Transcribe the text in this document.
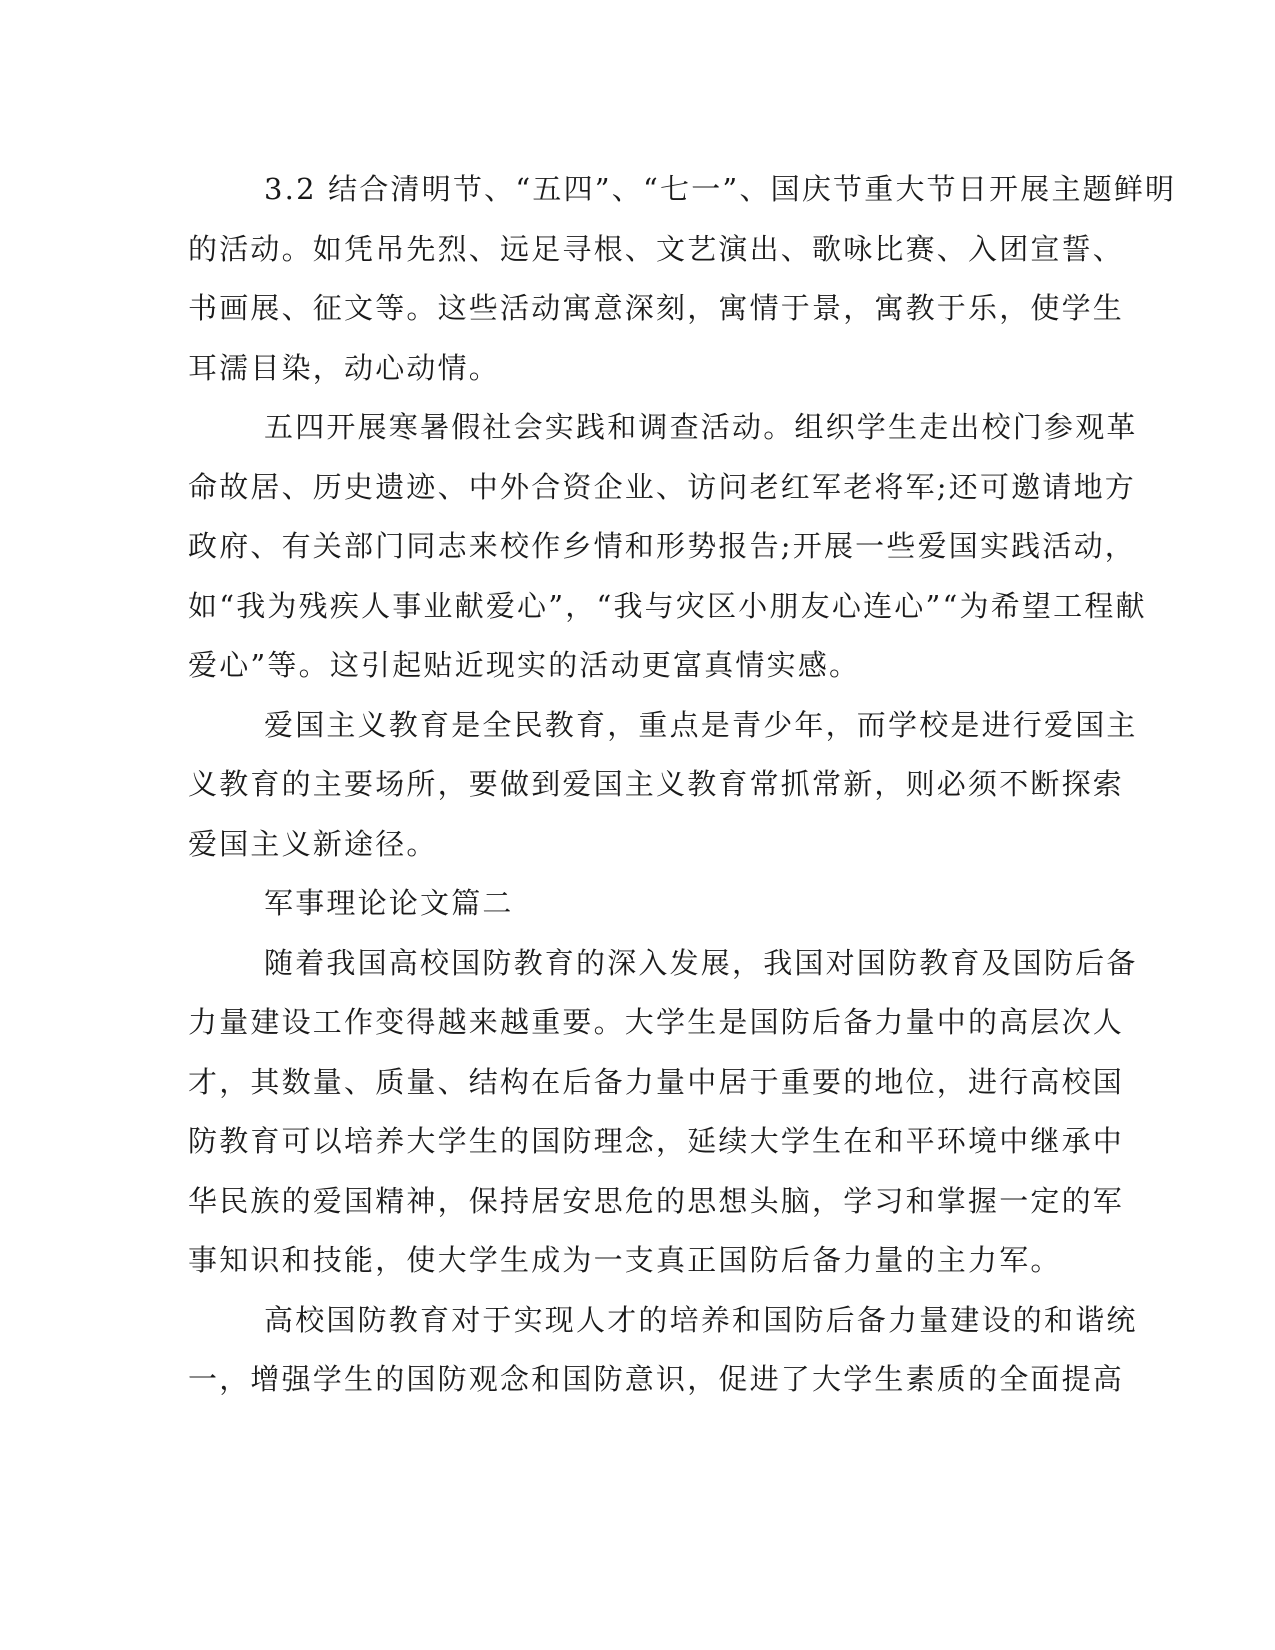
3.2 结合清明节、“五四”、“七一”、国庆节重大节日开展主题鲜明
的活动。如凭吊先烈、远足寻根、文艺演出、歌咏比赛、入团宣誓、
书画展、征文等。这些活动寓意深刻，寓情于景，寓教于乐，使学生
耳濡目染，动心动情。
五四开展寒暑假社会实践和调查活动。组织学生走出校门参观革
命故居、历史遗迹、中外合资企业、访问老红军老将军;还可邀请地方
政府、有关部门同志来校作乡情和形势报告;开展一些爱国实践活动，
如“我为残疾人事业献爱心”，“我与灾区小朋友心连心”“为希望工程献
爱心”等。这引起贴近现实的活动更富真情实感。
爱国主义教育是全民教育，重点是青少年，而学校是进行爱国主
义教育的主要场所，要做到爱国主义教育常抓常新，则必须不断探索
爱国主义新途径。
军事理论论文篇二
随着我国高校国防教育的深入发展，我国对国防教育及国防后备
力量建设工作变得越来越重要。大学生是国防后备力量中的高层次人
才，其数量、质量、结构在后备力量中居于重要的地位，进行高校国
防教育可以培养大学生的国防理念，延续大学生在和平环境中继承中
华民族的爱国精神，保持居安思危的思想头脑，学习和掌握一定的军
事知识和技能，使大学生成为一支真正国防后备力量的主力军。
高校国防教育对于实现人才的培养和国防后备力量建设的和谐统
一，增强学生的国防观念和国防意识，促进了大学生素质的全面提高
